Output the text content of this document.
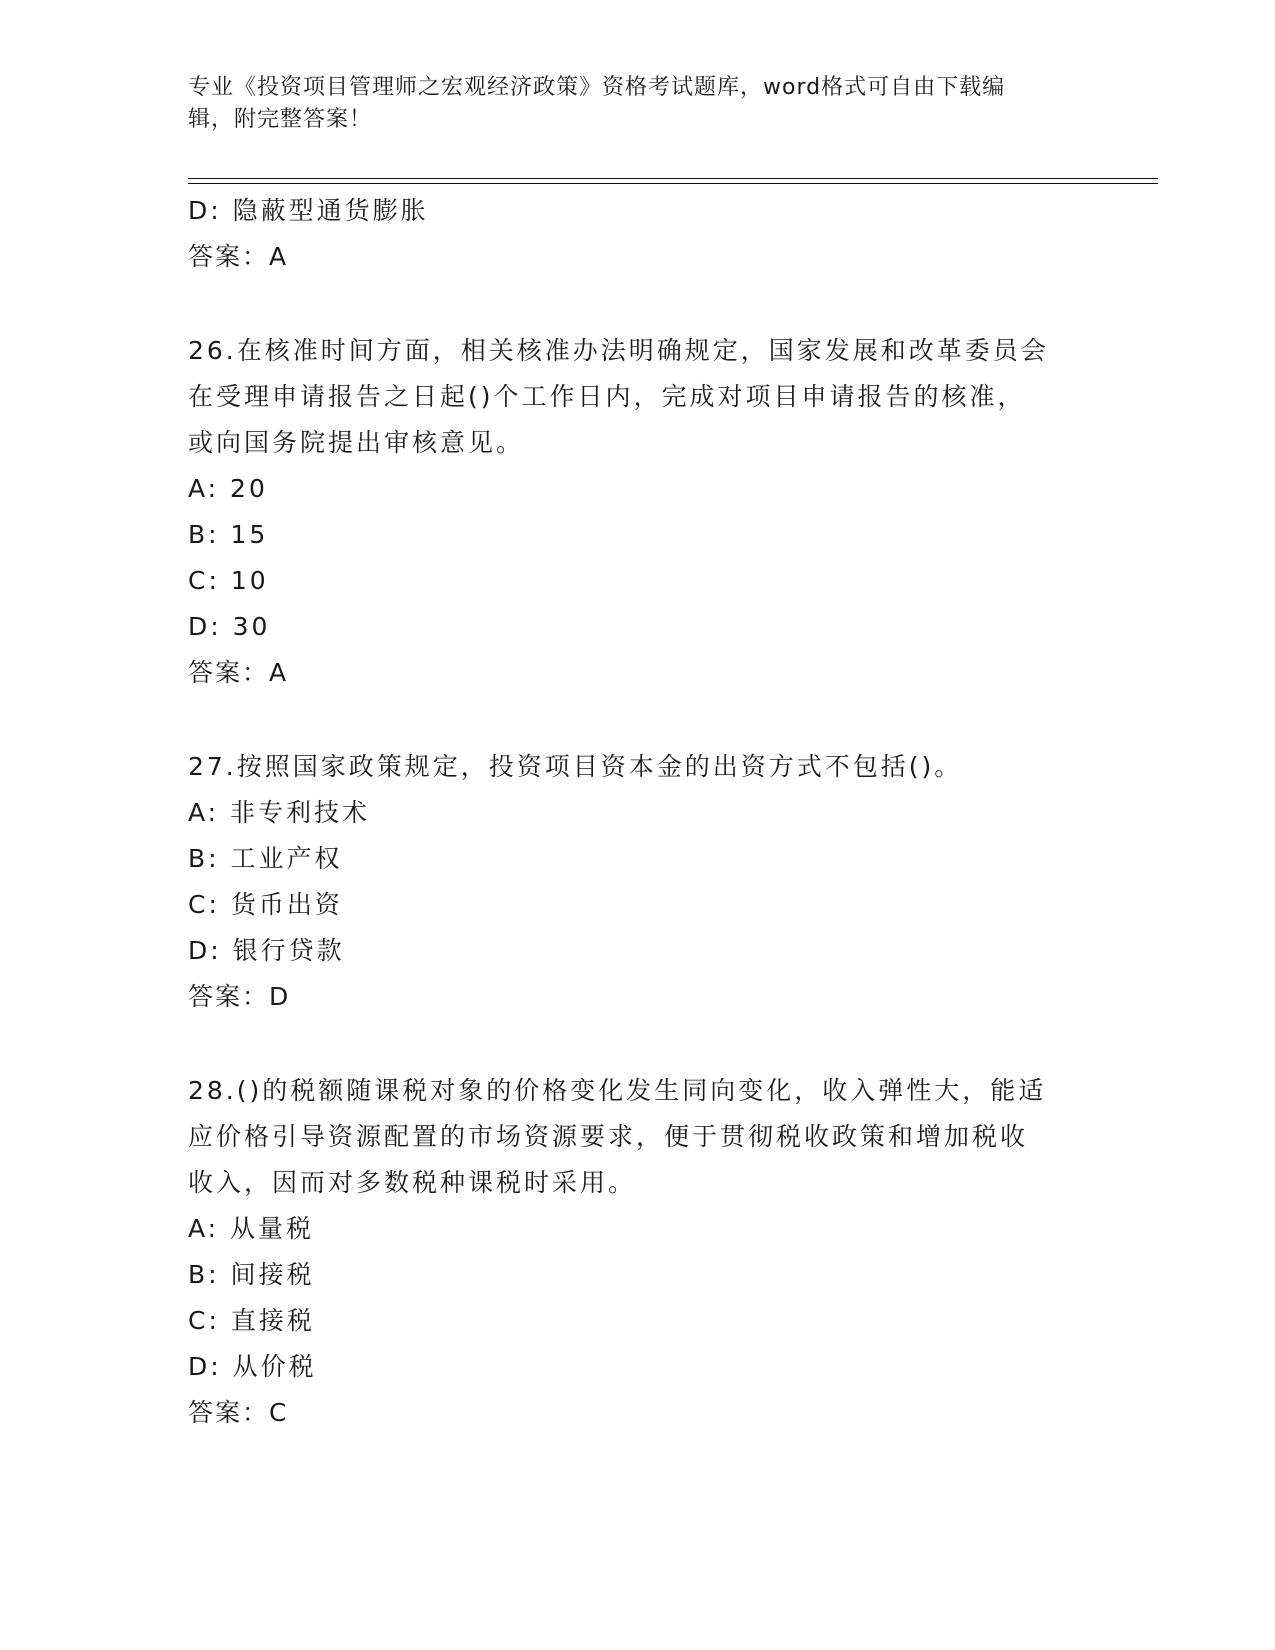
专业《投资项目管理师之宏观经济政策》资格考试题库，word格式可自由下载编
辑，附完整答案！
D: 隐蔽型通货膨胀
答案：A
26.在核准时间方面，相关核准办法明确规定，国家发展和改革委员会
在受理申请报告之日起()个工作日内，完成对项目申请报告的核准，
或向国务院提出审核意见。
A: 20
B: 15
C: 10
D: 30
答案：A
27.按照国家政策规定，投资项目资本金的出资方式不包括()。
A: 非专利技术
B: 工业产权
C: 货币出资
D: 银行贷款
答案：D
28.()的税额随课税对象的价格变化发生同向变化，收入弹性大，能适
应价格引导资源配置的市场资源要求，便于贯彻税收政策和增加税收
收入，因而对多数税种课税时采用。
A: 从量税
B: 间接税
C: 直接税
D: 从价税
答案：C
